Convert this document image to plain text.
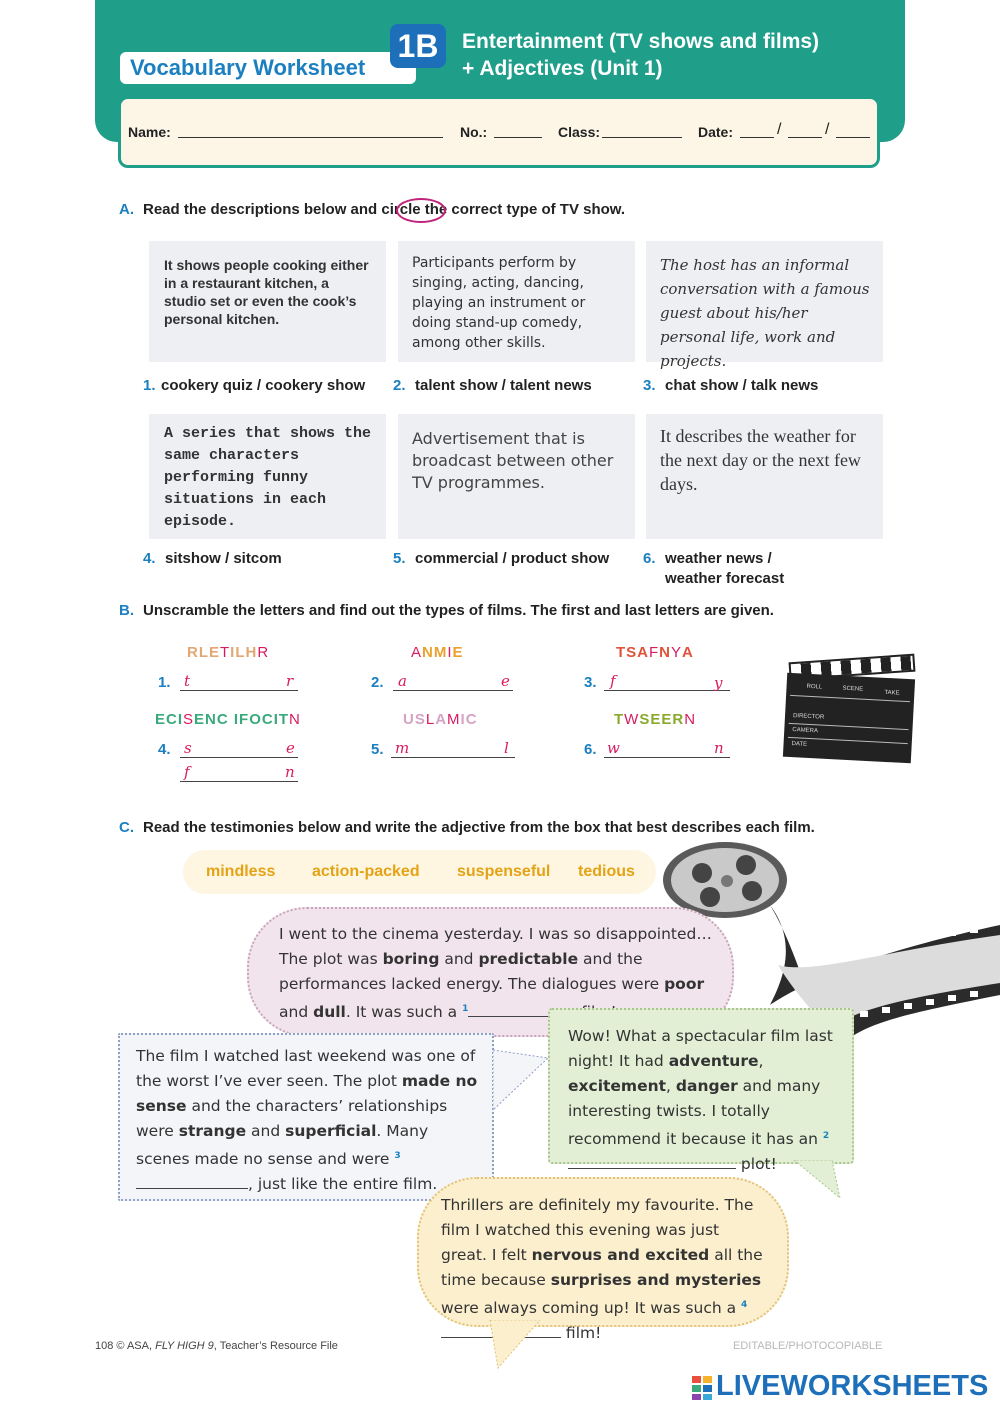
Vocabulary Worksheet
1B	Entertainment (TV shows and films)
+ Adjectives (Unit 1)
Name:	No.:	Class:	Date:	/	/
A. Read the descriptions below and circle the correct type of TV show.
It shows people cooking either in a restaurant kitchen, a studio set or even the cook’s personal kitchen.
Participants perform by singing, acting, dancing, playing an instrument or doing stand-up comedy, among other skills.
The host has an informal conversation with a famous guest about his/her personal life, work and projects.
1. cookery quiz / cookery show 2. talent show / talent news	3. chat show / talk news
A series that shows the same characters performing funny situations in each episode.
Advertisement that is broadcast between other TV programmes.
It describes the weather for the next day or the next few days.
4. sitshow / sitcom	5. commercial / product show 6. weather news /
weather forecast
B. Unscramble the letters and find out the types of films. The first and last letters are given.
RLETILHR	ANMIE	TSAFNYA
1. t	r	2. a	e	3. f	y
ECISENC IFOCITN	USLAMIC	TWSEERN
4. s	e
f	n
5. m	l	6. w	n
ROLL	SCENE
TAKE
DIRECTOR
CAMERA
DATE
C. Read the testimonies below and write the adjective from the box that best describes each film.
mindless action-packed suspenseful tedious
I went to the cinema yesterday. I was so disappointed…
The plot was boring and predictable and the performances lacked energy. The dialogues were poor and dull. It was such a $^1$
The film I watched last weekend was one of the worst I’ve ever seen. The plot made no sense and the characters’ relationships were strange and superficial. Many scenes made no sense and were $^3$, just like the entire film.
Wow! What a spectacular film last night! It had adventure, excitement, danger and many interesting twists. I totally recommend it because it has an $^2$ plot!
Thrillers are definitely my favourite. The film I watched this evening was just great. I felt nervous and excited all the time because surprises and mysteries were always coming up! It was such a $^4$ film!
108 © ASA, FLY HIGH 9, Teacher’s Resource File	EDITABLE/PHOTOCOPIABLE
LIVEWORKSHEETS
